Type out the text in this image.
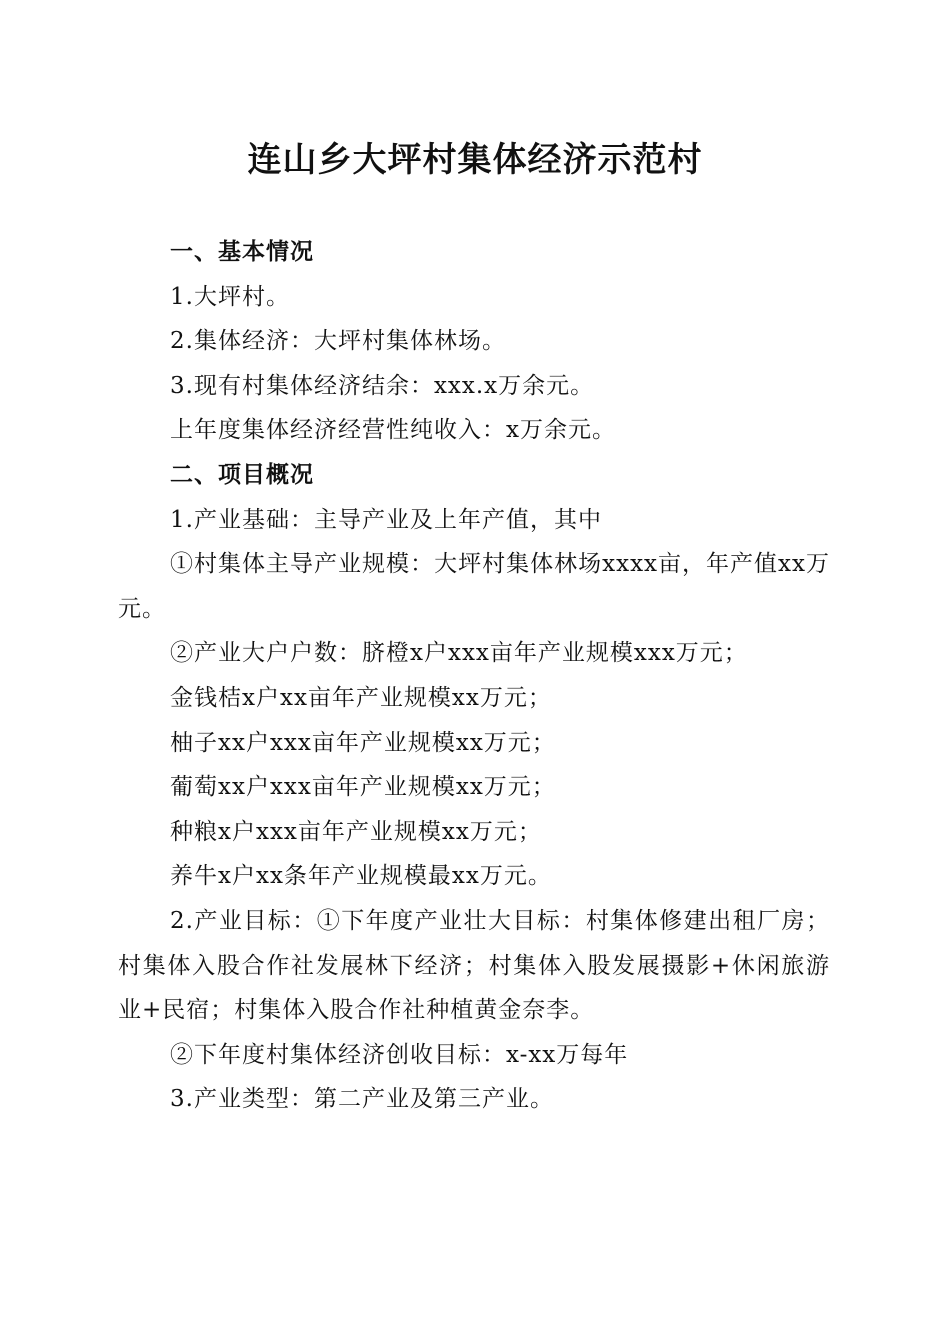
连山乡大坪村集体经济示范村

一、基本情况

1.大坪村。

2.集体经济：大坪村集体林场。

3.现有村集体经济结余：xxx.x万余元。

上年度集体经济经营性纯收入：x万余元。

二、项目概况

1.产业基础：主导产业及上年产值，其中

①村集体主导产业规模：大坪村集体林场xxxx亩，年产值xx万元。

②产业大户户数：脐橙x户xxx亩年产业规模xxx万元；

金钱桔x户xx亩年产业规模xx万元；

柚子xx户xxx亩年产业规模xx万元；

葡萄xx户xxx亩年产业规模xx万元；

种粮x户xxx亩年产业规模xx万元；

养牛x户xx条年产业规模最xx万元。

2.产业目标：①下年度产业壮大目标：村集体修建出租厂房；村集体入股合作社发展林下经济；村集体入股发展摄影+休闲旅游业+民宿；村集体入股合作社种植黄金奈李。

②下年度村集体经济创收目标：x-xx万每年

3.产业类型：第二产业及第三产业。
